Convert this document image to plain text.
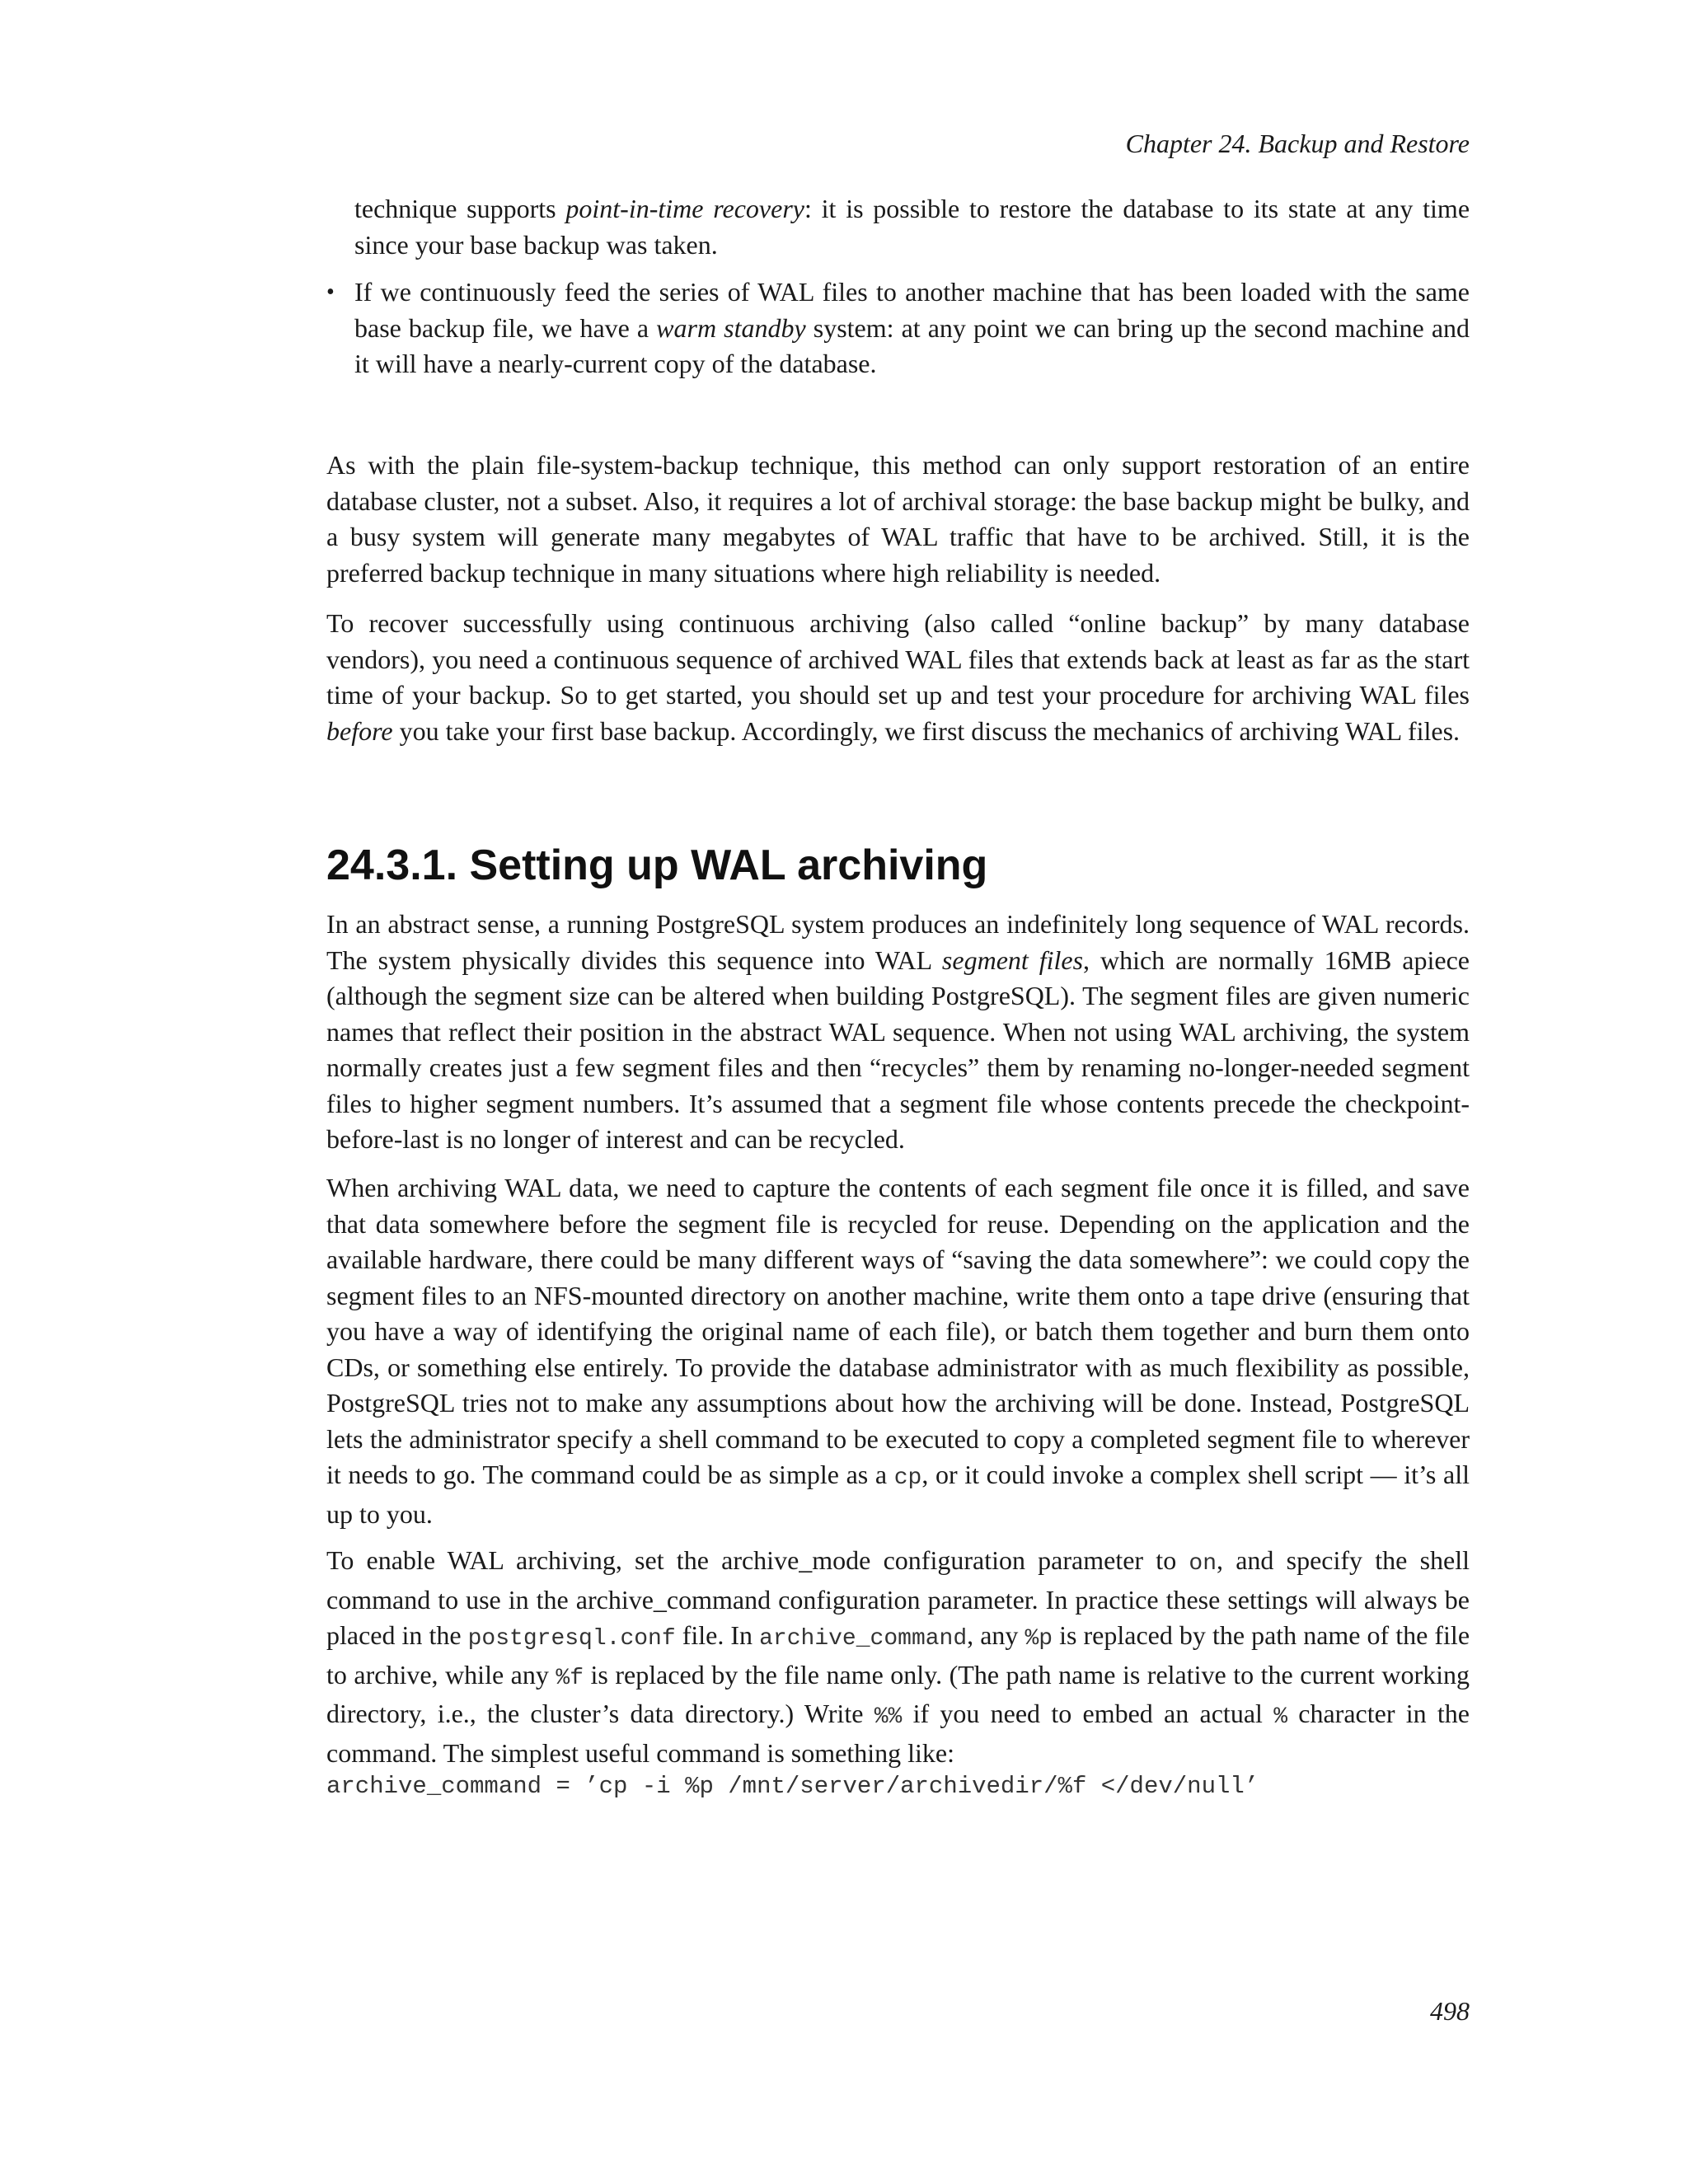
Chapter 24. Backup and Restore
technique supports point-in-time recovery: it is possible to restore the database to its state at any time since your base backup was taken.
• If we continuously feed the series of WAL files to another machine that has been loaded with the same base backup file, we have a warm standby system: at any point we can bring up the second machine and it will have a nearly-current copy of the database.

As with the plain file-system-backup technique, this method can only support restoration of an entire database cluster, not a subset. Also, it requires a lot of archival storage: the base backup might be bulky, and a busy system will generate many megabytes of WAL traffic that have to be archived. Still, it is the preferred backup technique in many situations where high reliability is needed.

To recover successfully using continuous archiving (also called “online backup” by many database vendors), you need a continuous sequence of archived WAL files that extends back at least as far as the start time of your backup. So to get started, you should set up and test your procedure for archiving WAL files before you take your first base backup. Accordingly, we first discuss the mechanics of archiving WAL files.

24.3.1. Setting up WAL archiving

In an abstract sense, a running PostgreSQL system produces an indefinitely long sequence of WAL records. The system physically divides this sequence into WAL segment files, which are normally 16MB apiece (although the segment size can be altered when building PostgreSQL). The segment files are given numeric names that reflect their position in the abstract WAL sequence. When not using WAL archiving, the system normally creates just a few segment files and then “recycles” them by renaming no-longer-needed segment files to higher segment numbers. It’s assumed that a segment file whose contents precede the checkpoint-before-last is no longer of interest and can be recycled.

When archiving WAL data, we need to capture the contents of each segment file once it is filled, and save that data somewhere before the segment file is recycled for reuse. Depending on the application and the available hardware, there could be many different ways of “saving the data somewhere”: we could copy the segment files to an NFS-mounted directory on another machine, write them onto a tape drive (ensuring that you have a way of identifying the original name of each file), or batch them together and burn them onto CDs, or something else entirely. To provide the database administrator with as much flexibility as possible, PostgreSQL tries not to make any assumptions about how the archiving will be done. Instead, PostgreSQL lets the administrator specify a shell command to be executed to copy a completed segment file to wherever it needs to go. The command could be as simple as a cp, or it could invoke a complex shell script — it’s all up to you.

To enable WAL archiving, set the archive_mode configuration parameter to on, and specify the shell command to use in the archive_command configuration parameter. In practice these settings will always be placed in the postgresql.conf file. In archive_command, any %p is replaced by the path name of the file to archive, while any %f is replaced by the file name only. (The path name is relative to the current working directory, i.e., the cluster’s data directory.) Write %% if you need to embed an actual % character in the command. The simplest useful command is something like:

archive_command = ’cp -i %p /mnt/server/archivedir/%f </dev/null’
498
